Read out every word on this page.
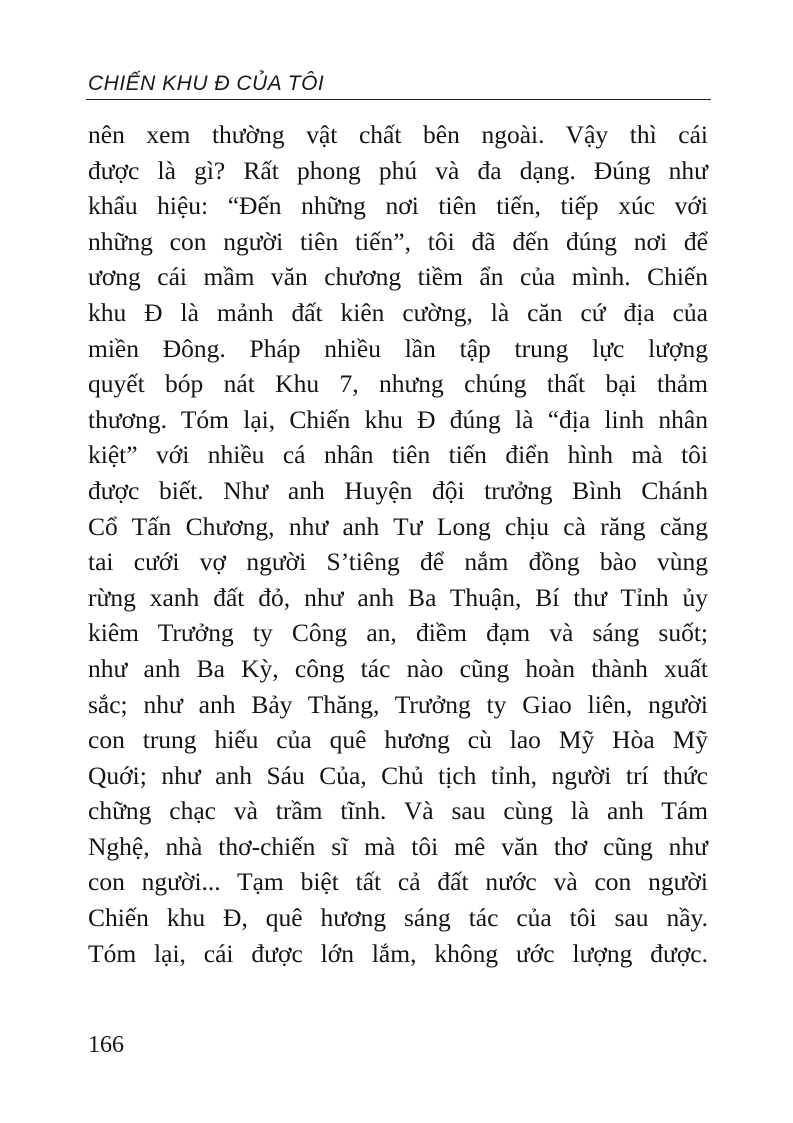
CHIẾN KHU Đ CỦA TÔI
nên xem thường vật chất bên ngoài. Vậy thì cái
được là gì? Rất phong phú và đa dạng. Đúng như
khẩu hiệu: “Đến những nơi tiên tiến, tiếp xúc với
những con người tiên tiến”, tôi đã đến đúng nơi để
ương cái mầm văn chương tiềm ẩn của mình. Chiến
khu Đ là mảnh đất kiên cường, là căn cứ địa của
miền Đông. Pháp nhiều lần tập trung lực lượng
quyết bóp nát Khu 7, nhưng chúng thất bại thảm
thương. Tóm lại, Chiến khu Đ đúng là “địa linh nhân
kiệt” với nhiều cá nhân tiên tiến điển hình mà tôi
được biết. Như anh Huyện đội trưởng Bình Chánh
Cổ Tấn Chương, như anh Tư Long chịu cà răng căng
tai cưới vợ người S’tiêng để nắm đồng bào vùng
rừng xanh đất đỏ, như anh Ba Thuận, Bí thư Tỉnh ủy
kiêm Trưởng ty Công an, điềm đạm và sáng suốt;
như anh Ba Kỳ, công tác nào cũng hoàn thành xuất
sắc; như anh Bảy Thăng, Trưởng ty Giao liên, người
con trung hiếu của quê hương cù lao Mỹ Hòa Mỹ
Quới; như anh Sáu Của, Chủ tịch tỉnh, người trí thức
chững chạc và trầm tĩnh. Và sau cùng là anh Tám
Nghệ, nhà thơ-chiến sĩ mà tôi mê văn thơ cũng như
con người... Tạm biệt tất cả đất nước và con người
Chiến khu Đ, quê hương sáng tác của tôi sau nầy.
Tóm lại, cái được lớn lắm, không ước lượng được.
166
